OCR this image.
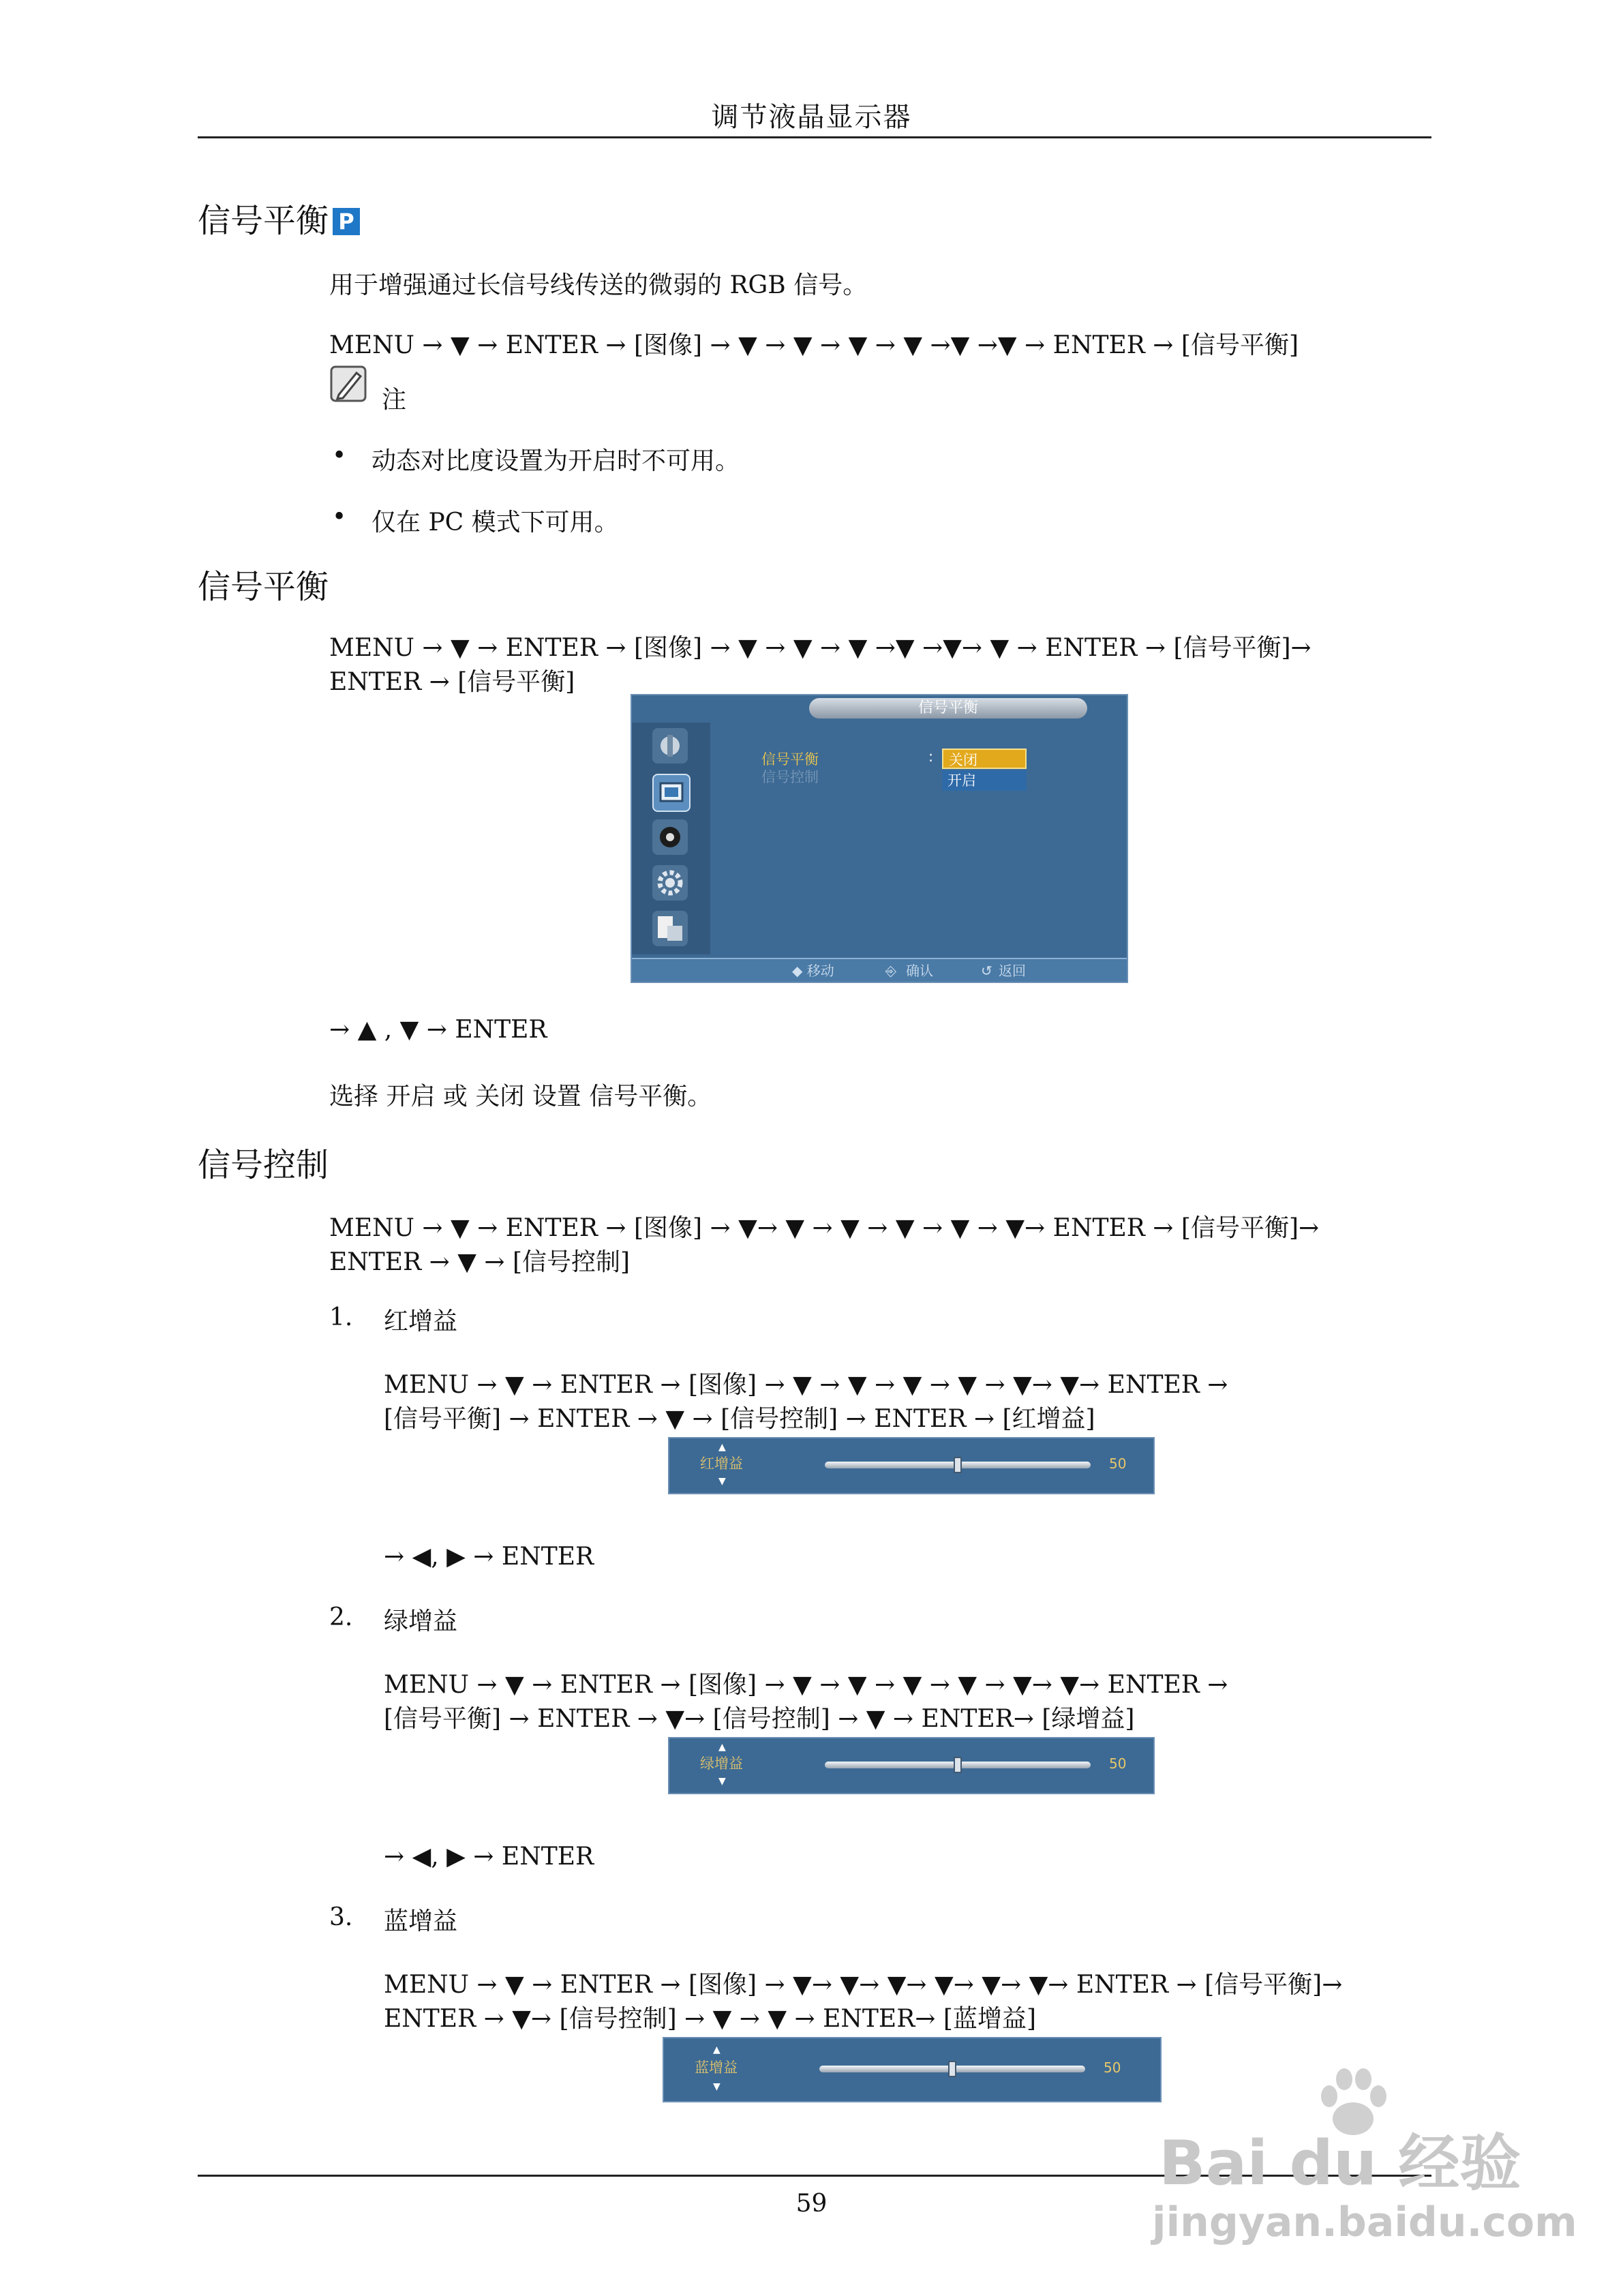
调节液晶显示器
信号平衡 P
用于增强通过长信号线传送的微弱的 RGB 信号。
MENU → ▼ → ENTER → [图像] → ▼ → ▼ → ▼ → ▼ →▼ →▼ → ENTER → [信号平衡]
注
• 动态对比度设置为开启时不可用。
• 仅在 PC 模式下可用。
信号平衡
MENU → ▼ → ENTER → [图像] → ▼ → ▼ → ▼ →▼ →▼→ ▼ → ENTER → [信号平衡]→
ENTER → [信号平衡]
信号平衡
信号平衡
信号控制
:	关闭
开启
◆ 移动	⎆ 确认	↺ 返回
→ ▲ , ▼ → ENTER
选择 开启 或 关闭 设置 信号平衡。
信号控制
MENU → ▼ → ENTER → [图像] → ▼→ ▼ → ▼ → ▼ → ▼ → ▼→ ENTER → [信号平衡]→
ENTER → ▼ → [信号控制]
1. 红增益
MENU → ▼ → ENTER → [图像] → ▼ → ▼ → ▼ → ▼ → ▼→ ▼→ ENTER →
[信号平衡] → ENTER → ▼ → [信号控制] → ENTER → [红增益]
▲
红增益
▼
50
→ ◀, ▶ → ENTER
2. 绿增益
MENU → ▼ → ENTER → [图像] → ▼ → ▼ → ▼ → ▼ → ▼→ ▼→ ENTER →
[信号平衡] → ENTER → ▼→ [信号控制] → ▼ → ENTER→ [绿增益]
▲
绿增益
▼
50
→ ◀, ▶ → ENTER
3. 蓝增益
MENU → ▼ → ENTER → [图像] → ▼→ ▼→ ▼→ ▼→ ▼→ ▼→ ENTER → [信号平衡]→
ENTER → ▼→ [信号控制] → ▼ → ▼ → ENTER→ [蓝增益]
▲
蓝增益
▼
50
59
Bai du 经验
jingyan.baidu.com
